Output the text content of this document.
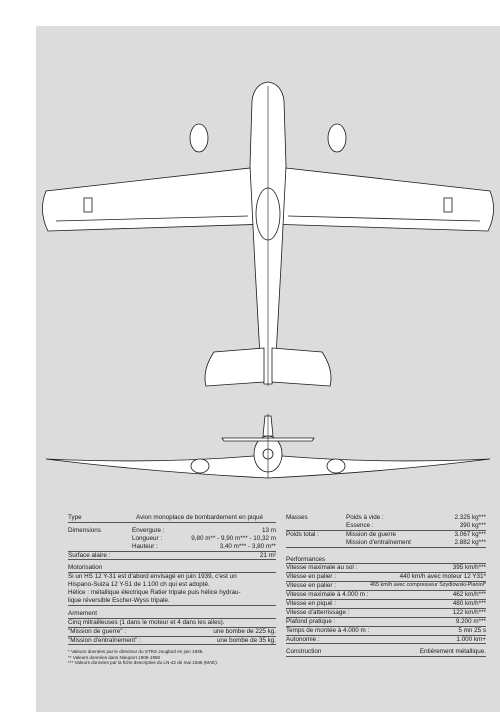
Type	Avion monoplace de bombardement en piqué
Dimensions	Envergure :	13 m
Longueur :	9,80 m** - 9,90 m*** - 10,32 m
Hauteur :	3,40 m*** - 3,80 m**
Surface alaire :	21 m²
Motorisation
Si un HS 12 Y-31 est d'abord envisagé en juin 1939, c'est un
Hispano-Suiza 12 Y-51 de 1.100 ch qui est adopté.
Hélice : métallique électrique Ratier tripale puis hélice hydrau-
lique réversible Escher-Wyss tripale.
Armement
Cinq mitrailleuses (1 dans le moteur et 4 dans les ailes).
"Mission de guerre" :	une bombe de 225 kg.
"Mission d'entraînement" :	une bombe de 35 kg.
* Valeurs données par le directeur du STRS Jouglard en juin 1939.
** Valeurs données dans Nieuport 1909-1950
*** Valeurs données par la fiche descriptive du LN-42 de mai 1946 (MAE).
Masses	Poids à vide :	2.325 kg***
Essence :	390 kg***
Poids total :	Mission de guerre	3.067 kg***
Mission d'entraînement	2.882 kg***
Performances
Vitesse maximale au sol :	395 km/h***
Vitesse en palier :	440 km/h avec moteur 12 Y31*
Vitesse en palier :	465 km/h avec compresseur Szydlowski-Planiol*
Vitesse maximale à 4.000 m :	462 km/h***
Vitesse en piqué :	480 km/h***
Vitesse d'atterrissage :	122 km/h***
Plafond pratique :	9.200 m***
Temps de montée à 4.000 m :	5 mn 25 s
Autonomie :	1.000 km+
Construction	Entièrement métallique.
